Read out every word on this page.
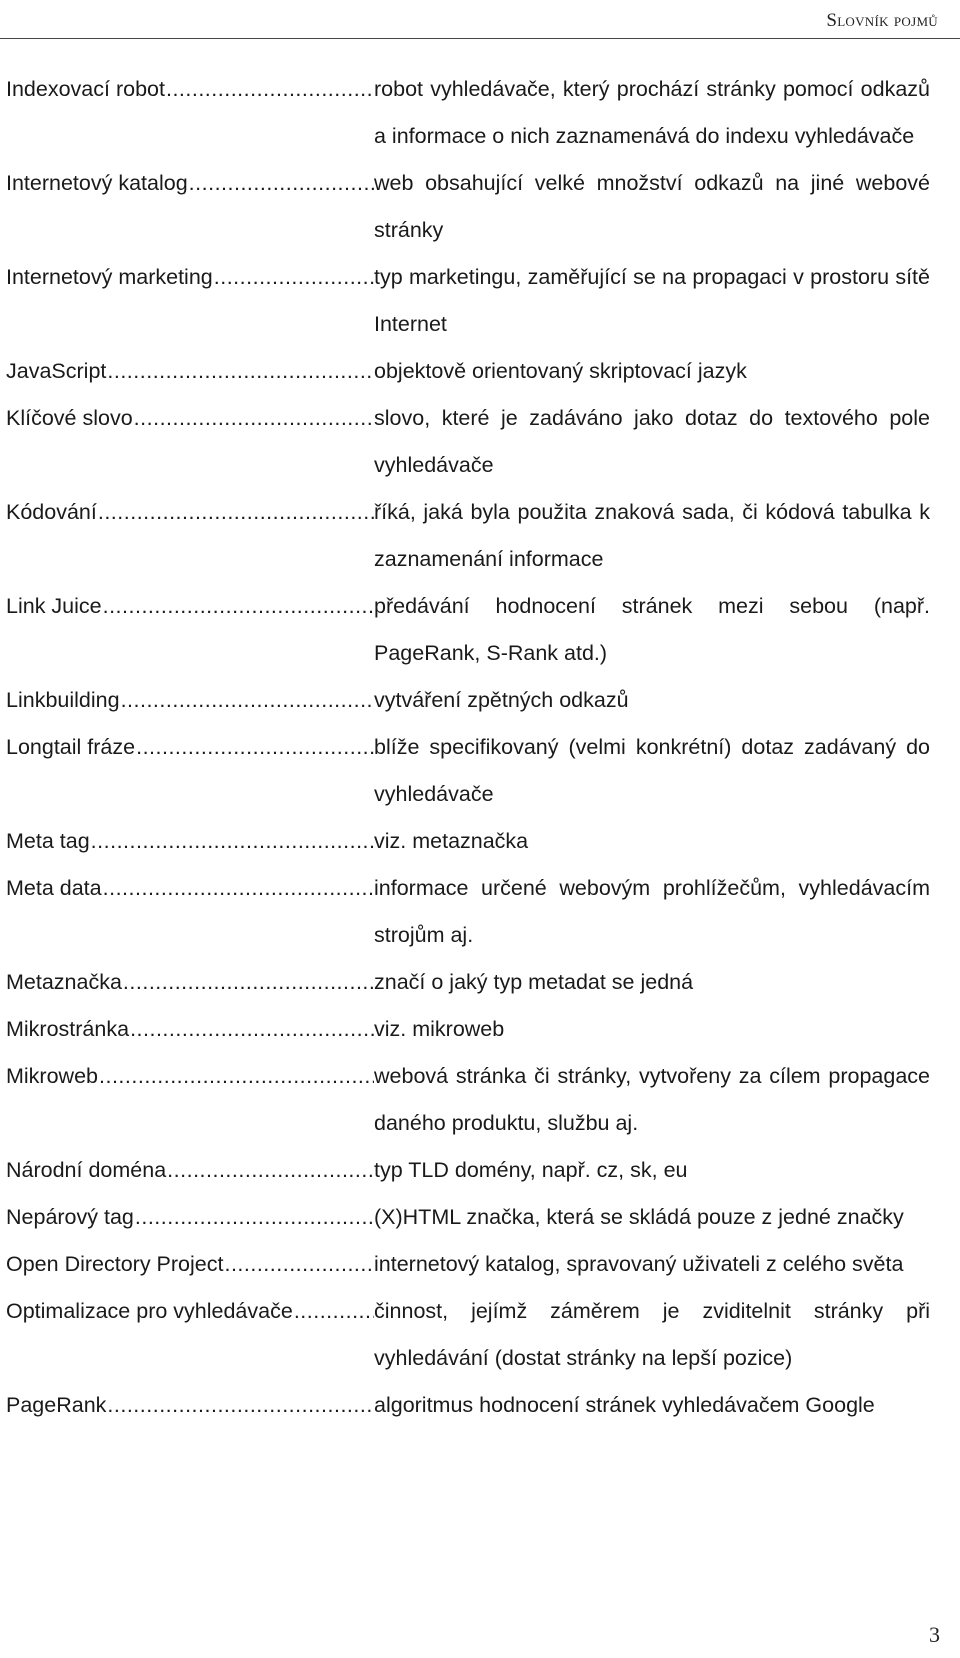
Slovník pojmů
Indexovací robot .....	robot vyhledávače, který prochází stránky pomocí odkazů a informace o nich zaznamenává do indexu vyhledávače
Internetový katalog .....	web obsahující velké množství odkazů na jiné webové stránky
Internetový marketing .....	typ marketingu, zaměřující se na propagaci v prostoru sítě Internet
JavaScript .....	objektově orientovaný skriptovací jazyk
Klíčové slovo .....	slovo, které je zadáváno jako dotaz do textového pole vyhledávače
Kódování .....	říká, jaká byla použita znaková sada, či kódová tabulka k zaznamenání informace
Link Juice .....	předávání hodnocení stránek mezi sebou (např. PageRank, S-Rank atd.)
Linkbuilding .....	vytváření zpětných odkazů
Longtail fráze .....	blíže specifikovaný (velmi konkrétní) dotaz zadávaný do vyhledávače
Meta tag .....	viz. metaznačka
Meta data .....	informace určené webovým prohlížečům, vyhledávacím strojům aj.
Metaznačka .....	značí o jaký typ metadat se jedná
Mikrostránka .....	viz. mikroweb
Mikroweb .....	webová stránka či stránky, vytvořeny za cílem propagace daného produktu, službu aj.
Národní doména .....	typ TLD domény, např. cz, sk, eu
Nepárový tag .....	(X)HTML značka, která se skládá pouze z jedné značky
Open Directory Project .....	internetový katalog, spravovaný uživateli z celého světa
Optimalizace pro vyhledávače .....	činnost, jejímž záměrem je zviditelnit stránky při vyhledávání (dostat stránky na lepší pozice)
PageRank .....	algoritmus hodnocení stránek vyhledávačem Google
3
